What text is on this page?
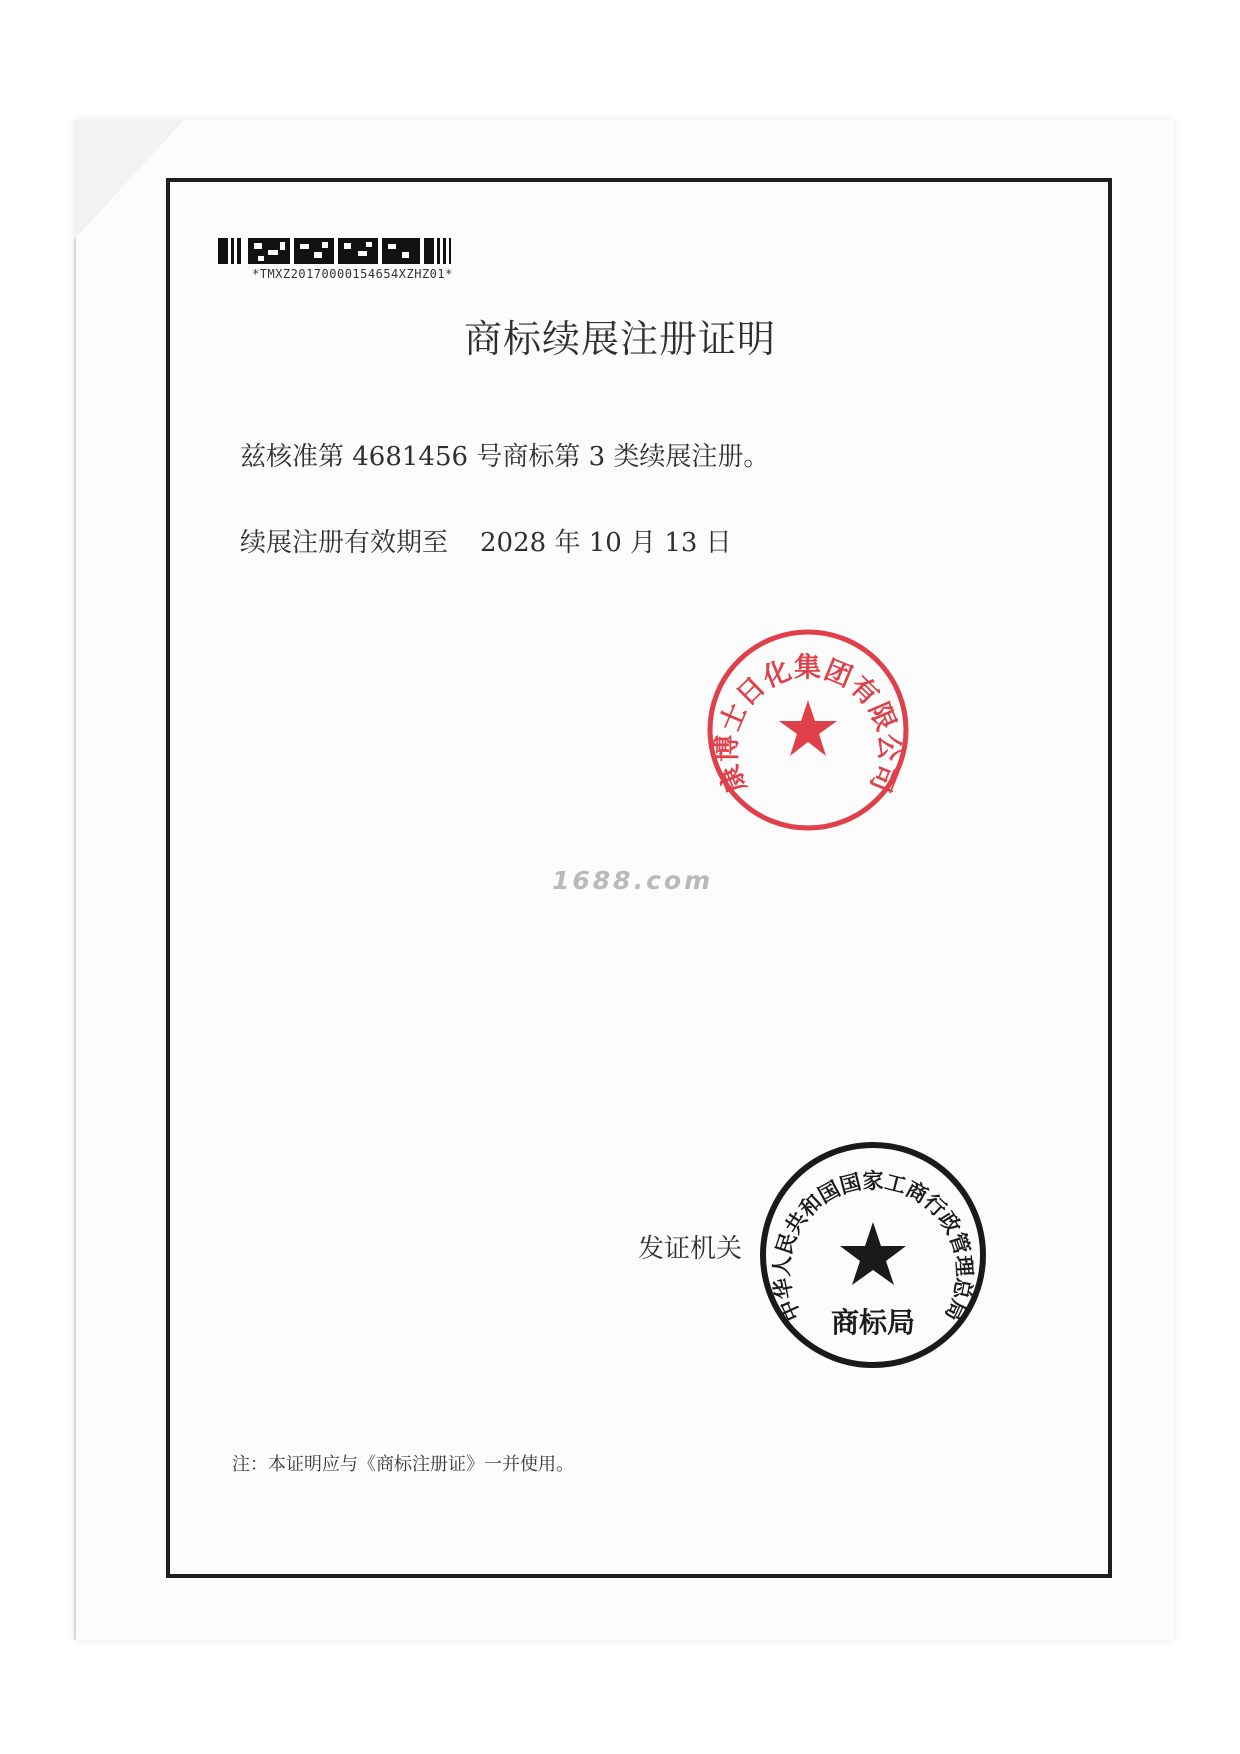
*TMXZ20170000154654XZHZ01*
商标续展注册证明
兹核准第 4681456 号商标第 3 类续展注册。
续展注册有效期至 2028 年 10 月 13 日
康博士日化集团有限公司
1688.com
发证机关
中华人民共和国国家工商行政管理总局
商标局
注：本证明应与《商标注册证》一并使用。
